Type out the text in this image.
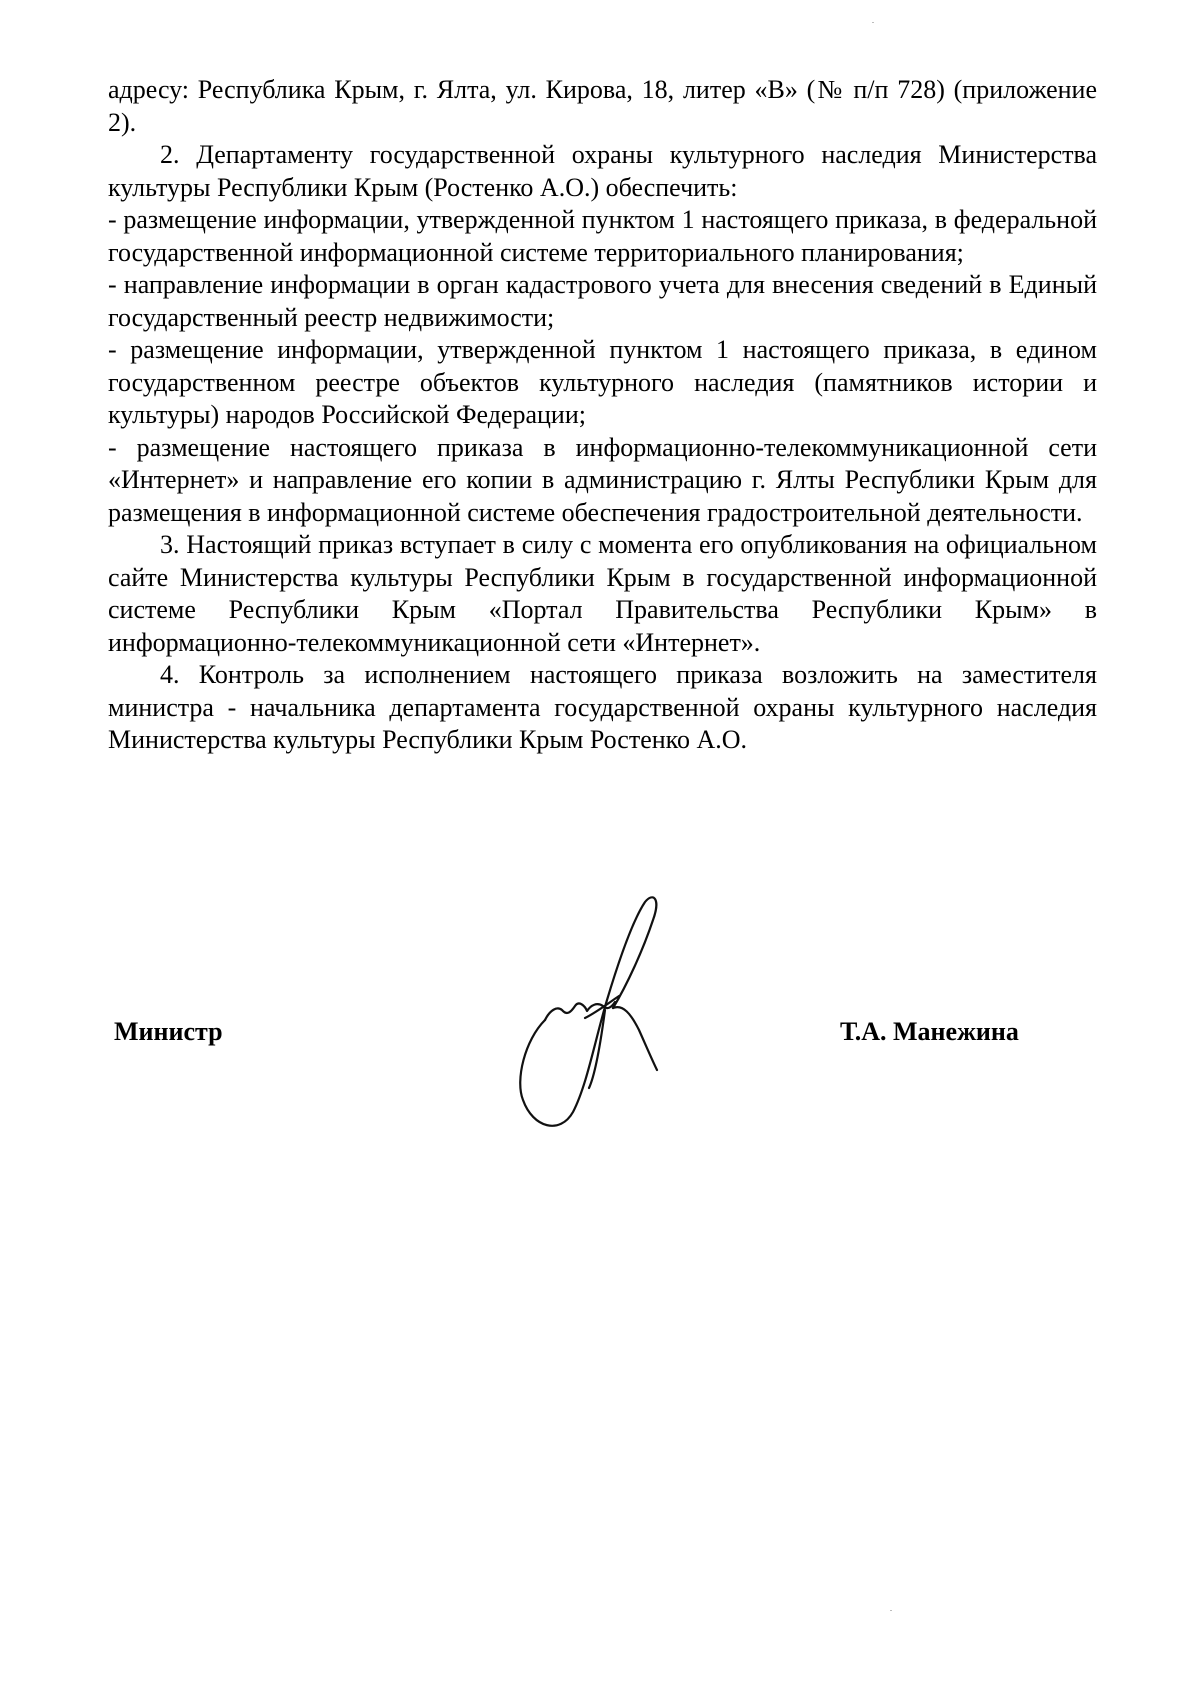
адресу: Республика Крым, г. Ялта, ул. Кирова, 18, литер «В» (№ п/п 728) (приложение 2).

2. Департаменту государственной охраны культурного наследия Министерства культуры Республики Крым (Ростенко А.О.) обеспечить:

- размещение информации, утвержденной пунктом 1 настоящего приказа, в федеральной государственной информационной системе территориального планирования;

- направление информации в орган кадастрового учета для внесения сведений в Единый государственный реестр недвижимости;

- размещение информации, утвержденной пунктом 1 настоящего приказа, в едином государственном реестре объектов культурного наследия (памятников истории и культуры) народов Российской Федерации;

- размещение настоящего приказа в информационно-телекоммуникационной сети «Интернет» и направление его копии в администрацию г. Ялты Республики Крым для размещения в информационной системе обеспечения градостроительной деятельности.

3. Настоящий приказ вступает в силу с момента его опубликования на официальном сайте Министерства культуры Республики Крым в государственной информационной системе Республики Крым «Портал Правительства Республики Крым» в информационно-телекоммуникационной сети «Интернет».

4. Контроль за исполнением настоящего приказа возложить на заместителя министра - начальника департамента государственной охраны культурного наследия Министерства культуры Республики Крым Ростенко А.О.

Министр	Т.А. Манежина
